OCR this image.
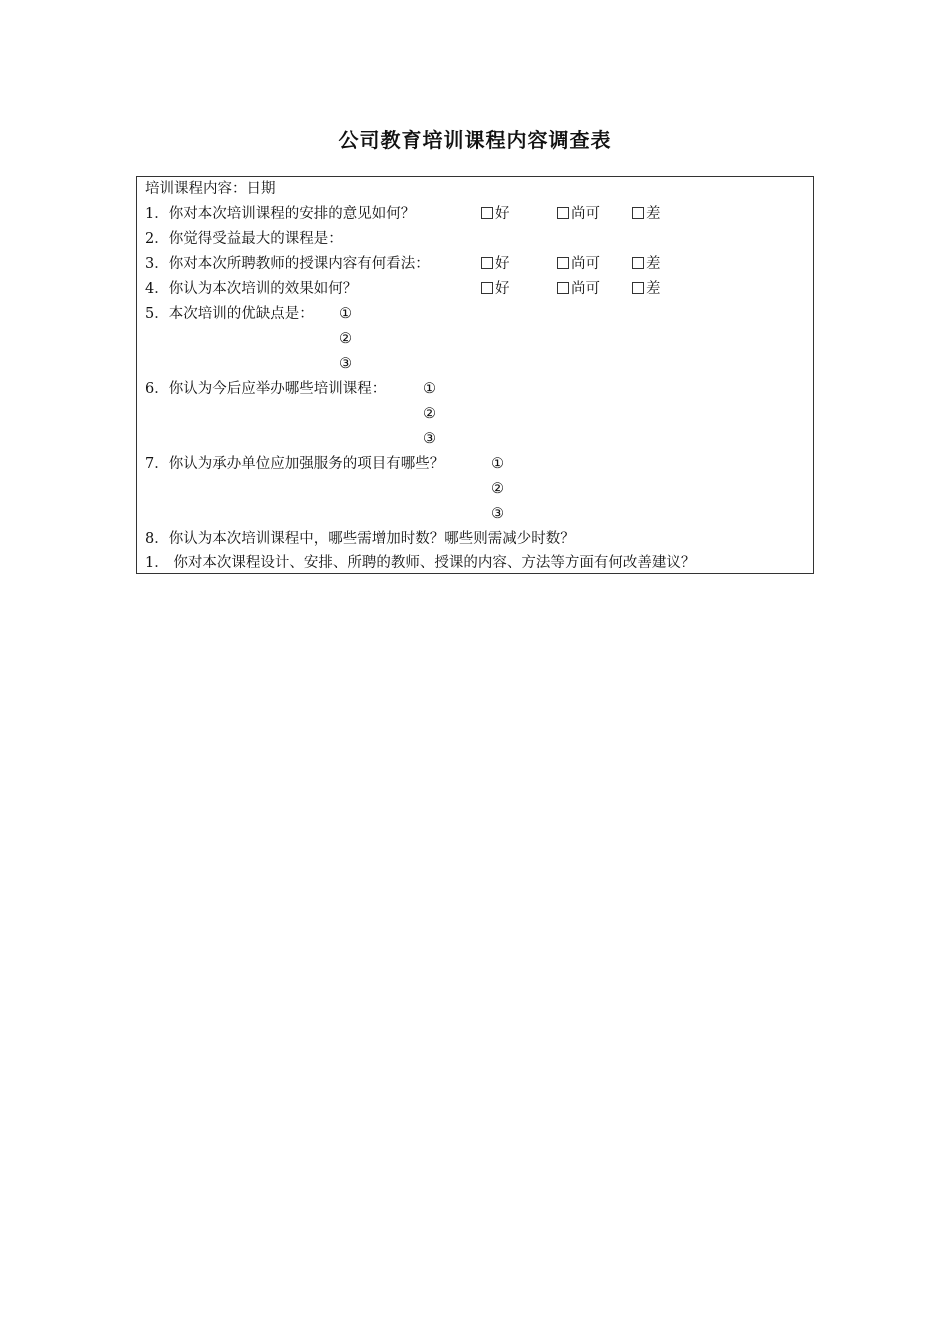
公司教育培训课程内容调查表
培训课程内容：日期
1．你对本次培训课程的安排的意见如何？	好	尚可	差
2．你觉得受益最大的课程是：
3．你对本次所聘教师的授课内容有何看法：	好	尚可	差
4．你认为本次培训的效果如何？	好	尚可	差
5．本次培训的优缺点是： ①
②
③
6．你认为今后应举办哪些培训课程：	①
②
③
7．你认为承办单位应加强服务的项目有哪些？	①
②
③
8．你认为本次培训课程中，哪些需增加时数？哪些则需减少时数？
1． 你对本次课程设计、安排、所聘的教师、授课的内容、方法等方面有何改善建议？
